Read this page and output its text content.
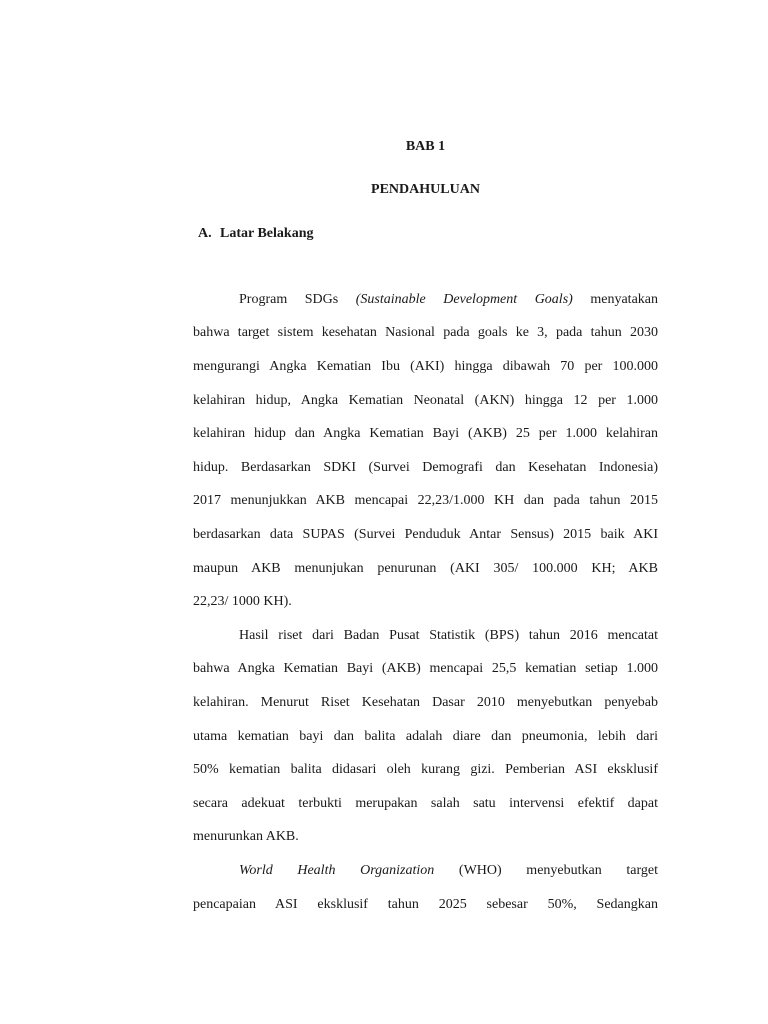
BAB 1
PENDAHULUAN
A. Latar Belakang
Program SDGs (Sustainable Development Goals) menyatakan
bahwa target sistem kesehatan Nasional pada goals ke 3, pada tahun 2030
mengurangi Angka Kematian Ibu (AKI) hingga dibawah 70 per 100.000
kelahiran hidup, Angka Kematian Neonatal (AKN) hingga 12 per 1.000
kelahiran hidup dan Angka Kematian Bayi (AKB) 25 per 1.000 kelahiran
hidup. Berdasarkan SDKI (Survei Demografi dan Kesehatan Indonesia)
2017 menunjukkan AKB mencapai 22,23/1.000 KH dan pada tahun 2015
berdasarkan data SUPAS (Survei Penduduk Antar Sensus) 2015 baik AKI
maupun AKB menunjukan penurunan (AKI 305/ 100.000 KH; AKB
22,23/ 1000 KH).
Hasil riset dari Badan Pusat Statistik (BPS) tahun 2016 mencatat
bahwa Angka Kematian Bayi (AKB) mencapai 25,5 kematian setiap 1.000
kelahiran. Menurut Riset Kesehatan Dasar 2010 menyebutkan penyebab
utama kematian bayi dan balita adalah diare dan pneumonia, lebih dari
50% kematian balita didasari oleh kurang gizi. Pemberian ASI eksklusif
secara adekuat terbukti merupakan salah satu intervensi efektif dapat
menurunkan AKB.
World Health Organization (WHO) menyebutkan target
pencapaian ASI eksklusif tahun 2025 sebesar 50%, Sedangkan
